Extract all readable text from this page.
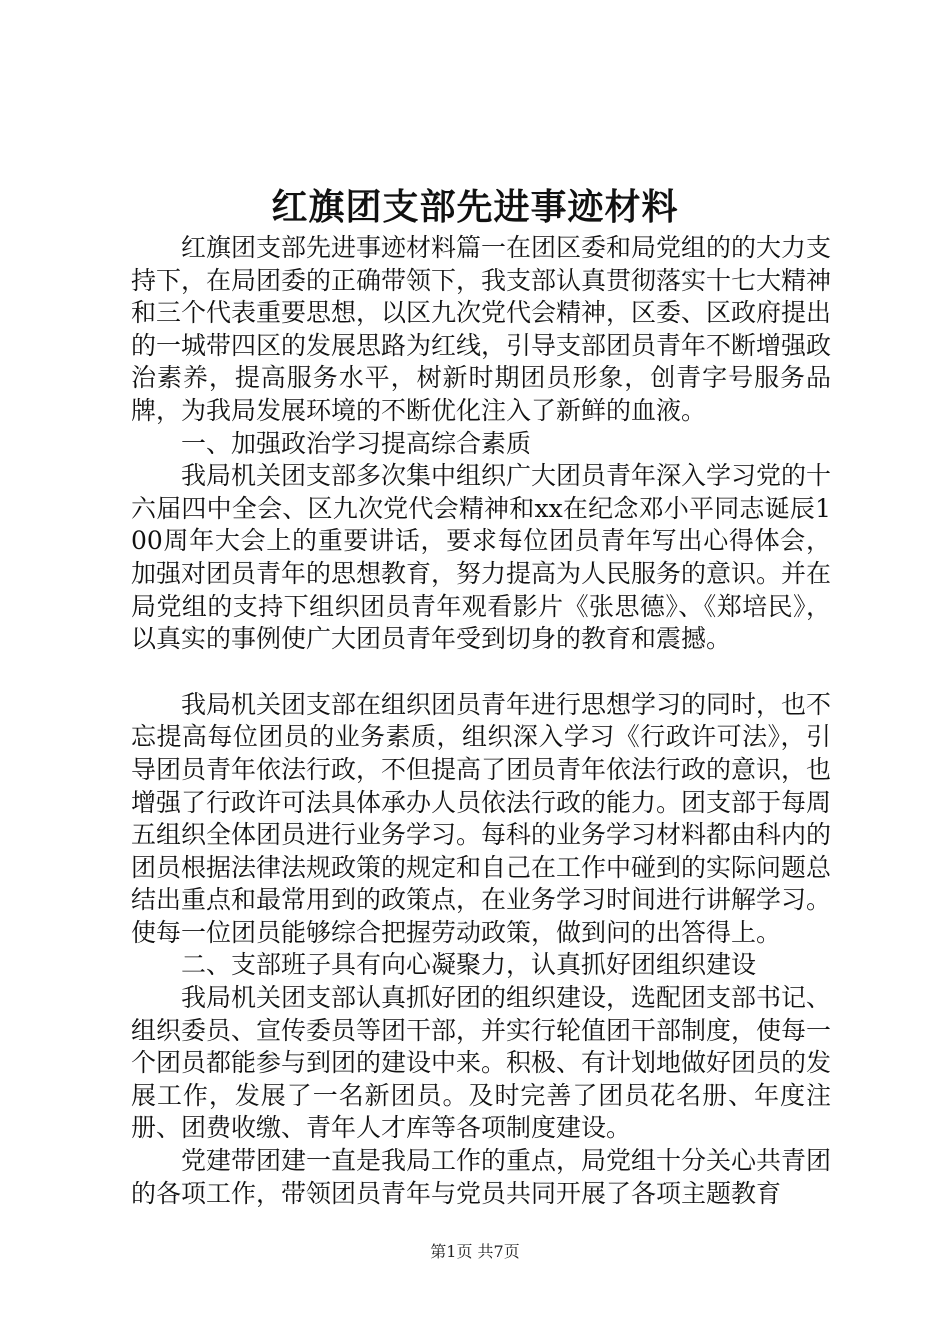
红旗团支部先进事迹材料

红旗团支部先进事迹材料篇一在团区委和局党组的的大力支持下，在局团委的正确带领下，我支部认真贯彻落实十七大精神和三个代表重要思想，以区九次党代会精神，区委、区政府提出的一城带四区的发展思路为红线，引导支部团员青年不断增强政治素养，提高服务水平，树新时期团员形象，创青字号服务品牌，为我局发展环境的不断优化注入了新鲜的血液。

一、加强政治学习提高综合素质

我局机关团支部多次集中组织广大团员青年深入学习党的十六届四中全会、区九次党代会精神和xx在纪念邓小平同志诞辰100周年大会上的重要讲话，要求每位团员青年写出心得体会，加强对团员青年的思想教育，努力提高为人民服务的意识。并在局党组的支持下组织团员青年观看影片《张思德》、《郑培民》，以真实的事例使广大团员青年受到切身的教育和震撼。

我局机关团支部在组织团员青年进行思想学习的同时，也不忘提高每位团员的业务素质，组织深入学习《行政许可法》，引导团员青年依法行政，不但提高了团员青年依法行政的意识，也增强了行政许可法具体承办人员依法行政的能力。团支部于每周五组织全体团员进行业务学习。每科的业务学习材料都由科内的团员根据法律法规政策的规定和自己在工作中碰到的实际问题总结出重点和最常用到的政策点，在业务学习时间进行讲解学习。使每一位团员能够综合把握劳动政策，做到问的出答得上。

二、支部班子具有向心凝聚力，认真抓好团组织建设

我局机关团支部认真抓好团的组织建设，选配团支部书记、组织委员、宣传委员等团干部，并实行轮值团干部制度，使每一个团员都能参与到团的建设中来。积极、有计划地做好团员的发展工作，发展了一名新团员。及时完善了团员花名册、年度注册、团费收缴、青年人才库等各项制度建设。

党建带团建一直是我局工作的重点，局党组十分关心共青团的各项工作，带领团员青年与党员共同开展了各项主题教育

第1页 共7页
